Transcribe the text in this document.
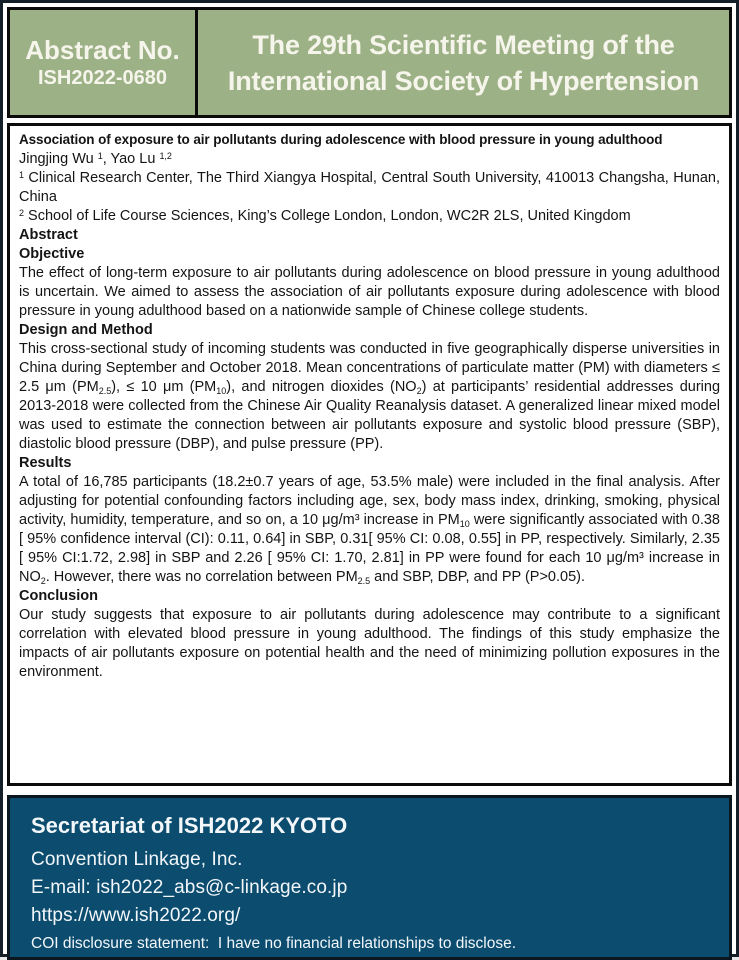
Abstract No.
ISH2022-0680
The 29th Scientific Meeting of the
International Society of Hypertension
Association of exposure to air pollutants during adolescence with blood pressure in young adulthood
Jingjing Wu $^1$, Yao Lu $^{1,2}$
$^1$ Clinical Research Center, The Third Xiangya Hospital, Central South University, 410013 Changsha, Hunan, China
$^2$ School of Life Course Sciences, King’s College London, London, WC2R 2LS, United Kingdom
Abstract
Objective
The effect of long-term exposure to air pollutants during adolescence on blood pressure in young adulthood is uncertain. We aimed to assess the association of air pollutants exposure during adolescence with blood pressure in young adulthood based on a nationwide sample of Chinese college students.
Design and Method
This cross-sectional study of incoming students was conducted in five geographically disperse universities in China during September and October 2018. Mean concentrations of particulate matter (PM) with diameters ≤ 2.5 μm $(PM_{2.5})$, ≤ 10 μm $(PM_{10})$, and nitrogen dioxides $(NO_2)$ at participants’ residential addresses during 2013-2018 were collected from the Chinese Air Quality Reanalysis dataset. A generalized linear mixed model was used to estimate the connection between air pollutants exposure and systolic blood pressure (SBP), diastolic blood pressure (DBP), and pulse pressure (PP).
Results
A total of 16,785 participants (18.2±0.7 years of age, 53.5% male) were included in the final analysis. After adjusting for potential confounding factors including age, sex, body mass index, drinking, smoking, physical activity, humidity, temperature, and so on, a 10 μg/m³ increase in $PM_{10}$ were significantly associated with 0.38 [ 95% confidence interval (CI): 0.11, 0.64] in SBP, 0.31[ 95% CI: 0.08, 0.55] in PP, respectively. Similarly, 2.35 [ 95% CI:1.72, 2.98] in SBP and 2.26 [ 95% CI: 1.70, 2.81] in PP were found for each 10 μg/m³ increase in $NO_2$. However, there was no correlation between $PM_{2.5}$ and SBP, DBP, and PP (P>0.05).
Conclusion
Our study suggests that exposure to air pollutants during adolescence may contribute to a significant correlation with elevated blood pressure in young adulthood. The findings of this study emphasize the impacts of air pollutants exposure on potential health and the need of minimizing pollution exposures in the environment.
Secretariat of ISH2022 KYOTO
Convention Linkage, Inc.
E-mail: ish2022_abs@c-linkage.co.jp
https://www.ish2022.org/
COI disclosure statement:  I have no financial relationships to disclose.
